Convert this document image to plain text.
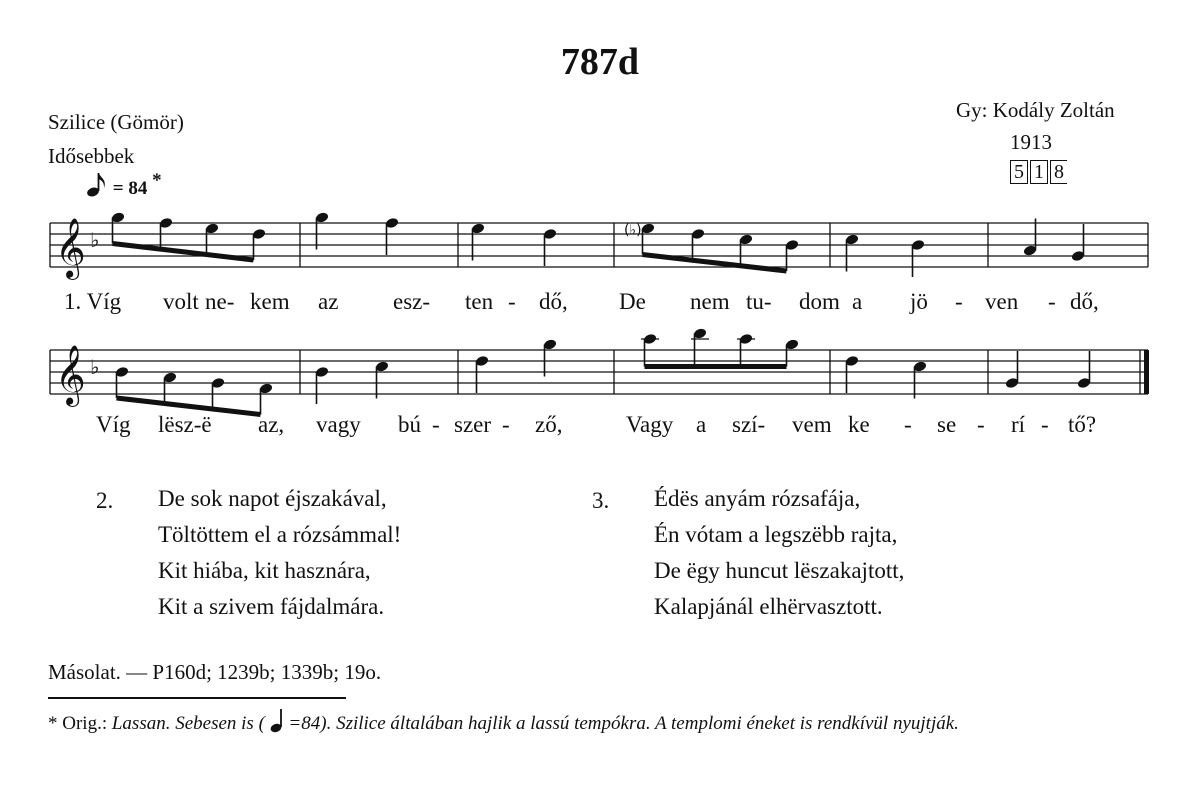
787d
Szilice (Gömör)
Idősebbek
Gy: Kodály Zoltán
1913
5 1 8
= 84 *
𝄞 ♭
𝄞 ♭
(♭)
1. Víg volt ne- kem az esz- ten - dő, De nem tu- dom a jö - ven - dő,
Víg lësz-ë az, vagy bú - szer - ző,	Vagy a szí- vem ke - se - rí - tő?
2. De sok napot éjszakával,
Töltöttem el a rózsámmal!
Kit hiába, kit hasznára,
Kit a szivem fájdalmára.
3. Édës anyám rózsafája,
Én vótam a legszëbb rajta,
De ëgy huncut lëszakajtott,
Kalapjánál elhërvasztott.
Másolat. — P160d; 1239b; 1339b; 19o.
* Orig.: Lassan. Sebesen is ( =84). Szilice általában hajlik a lassú tempókra. A templomi éneket is rendkívül nyujtják.
